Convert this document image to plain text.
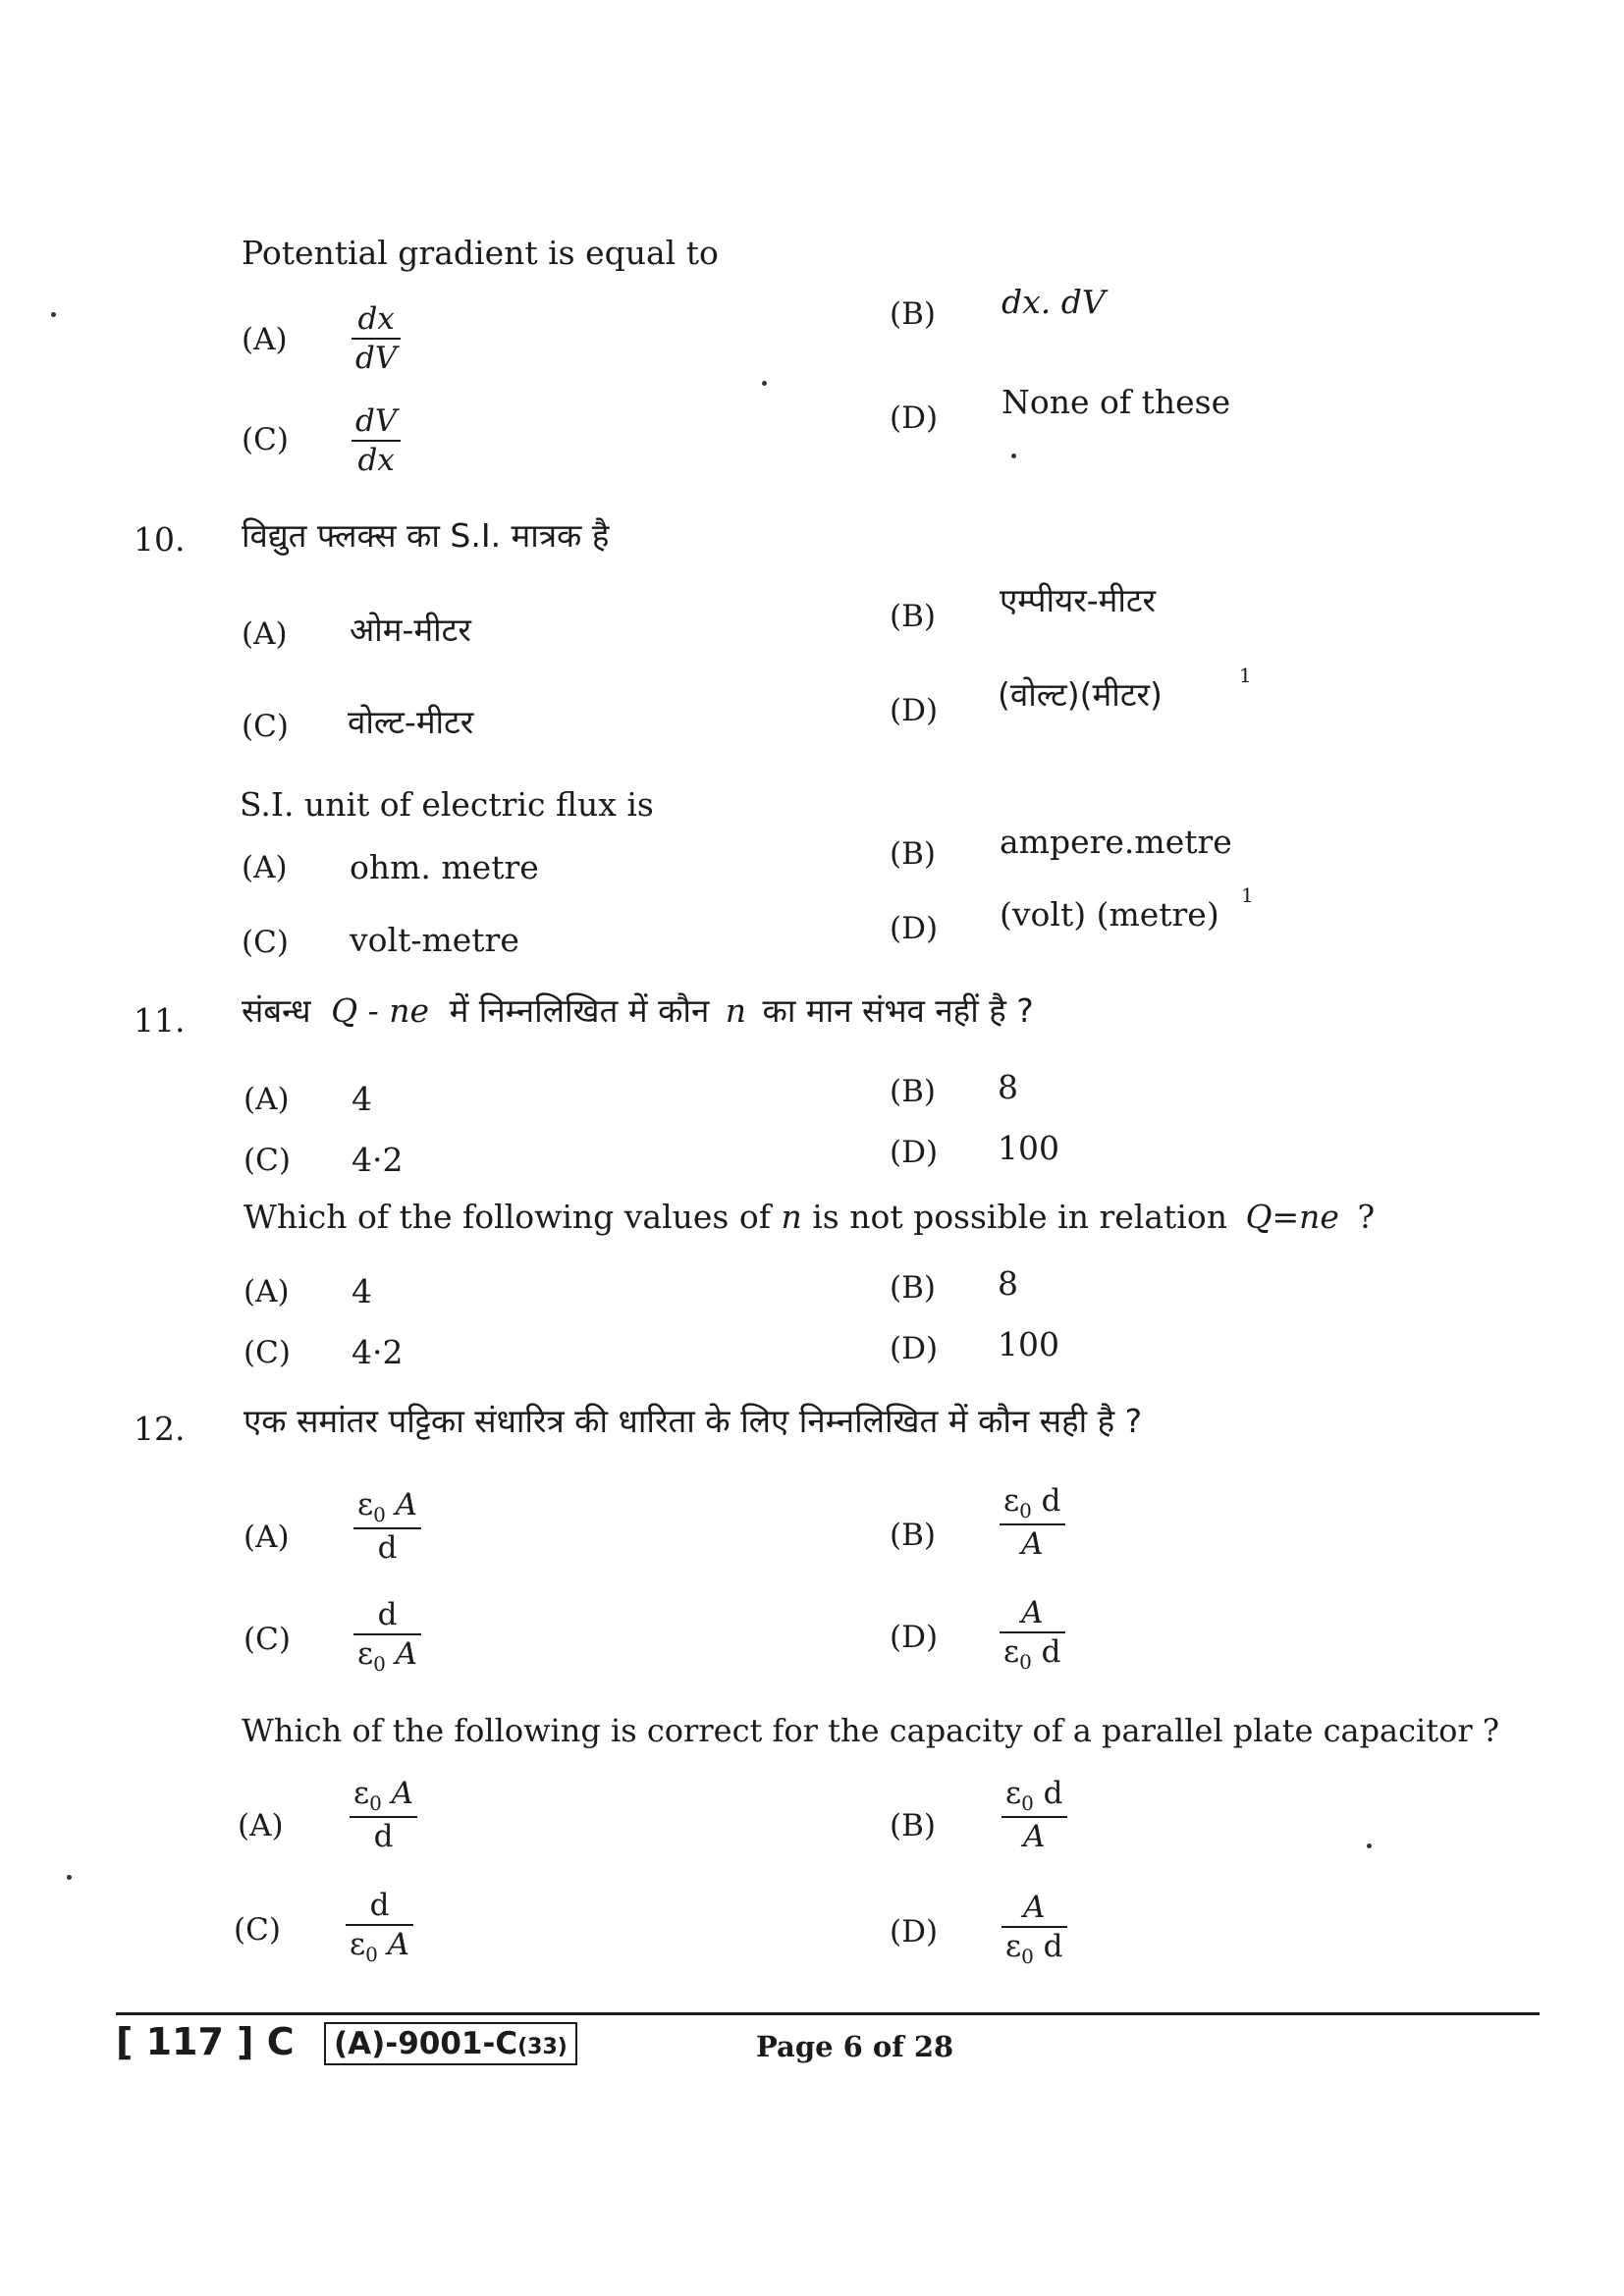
Potential gradient is equal to
(A)
dx
dV
(B) dx. dV
(C)
dV
dx
(D) None of these
10. विद्युत फ्लक्स का S.I. मात्रक है
(A) ओम-मीटर	(B) एम्पीयर-मीटर
(C) वोल्ट-मीटर	(D) (वोल्ट)(मीटर)	1
S.I. unit of electric flux is
(A) ohm. metre	(B) ampere.metre
(C) volt-metre	(D) (volt) (metre) 1
11. संबन्ध Q - ne में निम्नलिखित में कौन n का मान संभव नहीं है ?
(A) 4	(B) 8
(C) 4·2	(D) 100
Which of the following values of n is not possible in relation Q=ne ?
(A) 4	(B) 8
(C) 4·2	(D) 100
12. एक समांतर पट्टिका संधारित्र की धारिता के लिए निम्नलिखित में कौन सही है ?
(A)
$\varepsilon_0$ A
d	(B)
$\varepsilon_0$ d
A
(C)
d
$\varepsilon_0$ A	(D)
A
$\varepsilon_0$ d
Which of the following is correct for the capacity of a parallel plate capacitor ?
(A)
$\varepsilon_0$ A
d	(B)
$\varepsilon_0$ d
A
(C)
d
$\varepsilon_0$ A	(D)
A
$\varepsilon_0$ d
[ 117 ] C	(A)-9001-C(33)	Page 6 of 28
